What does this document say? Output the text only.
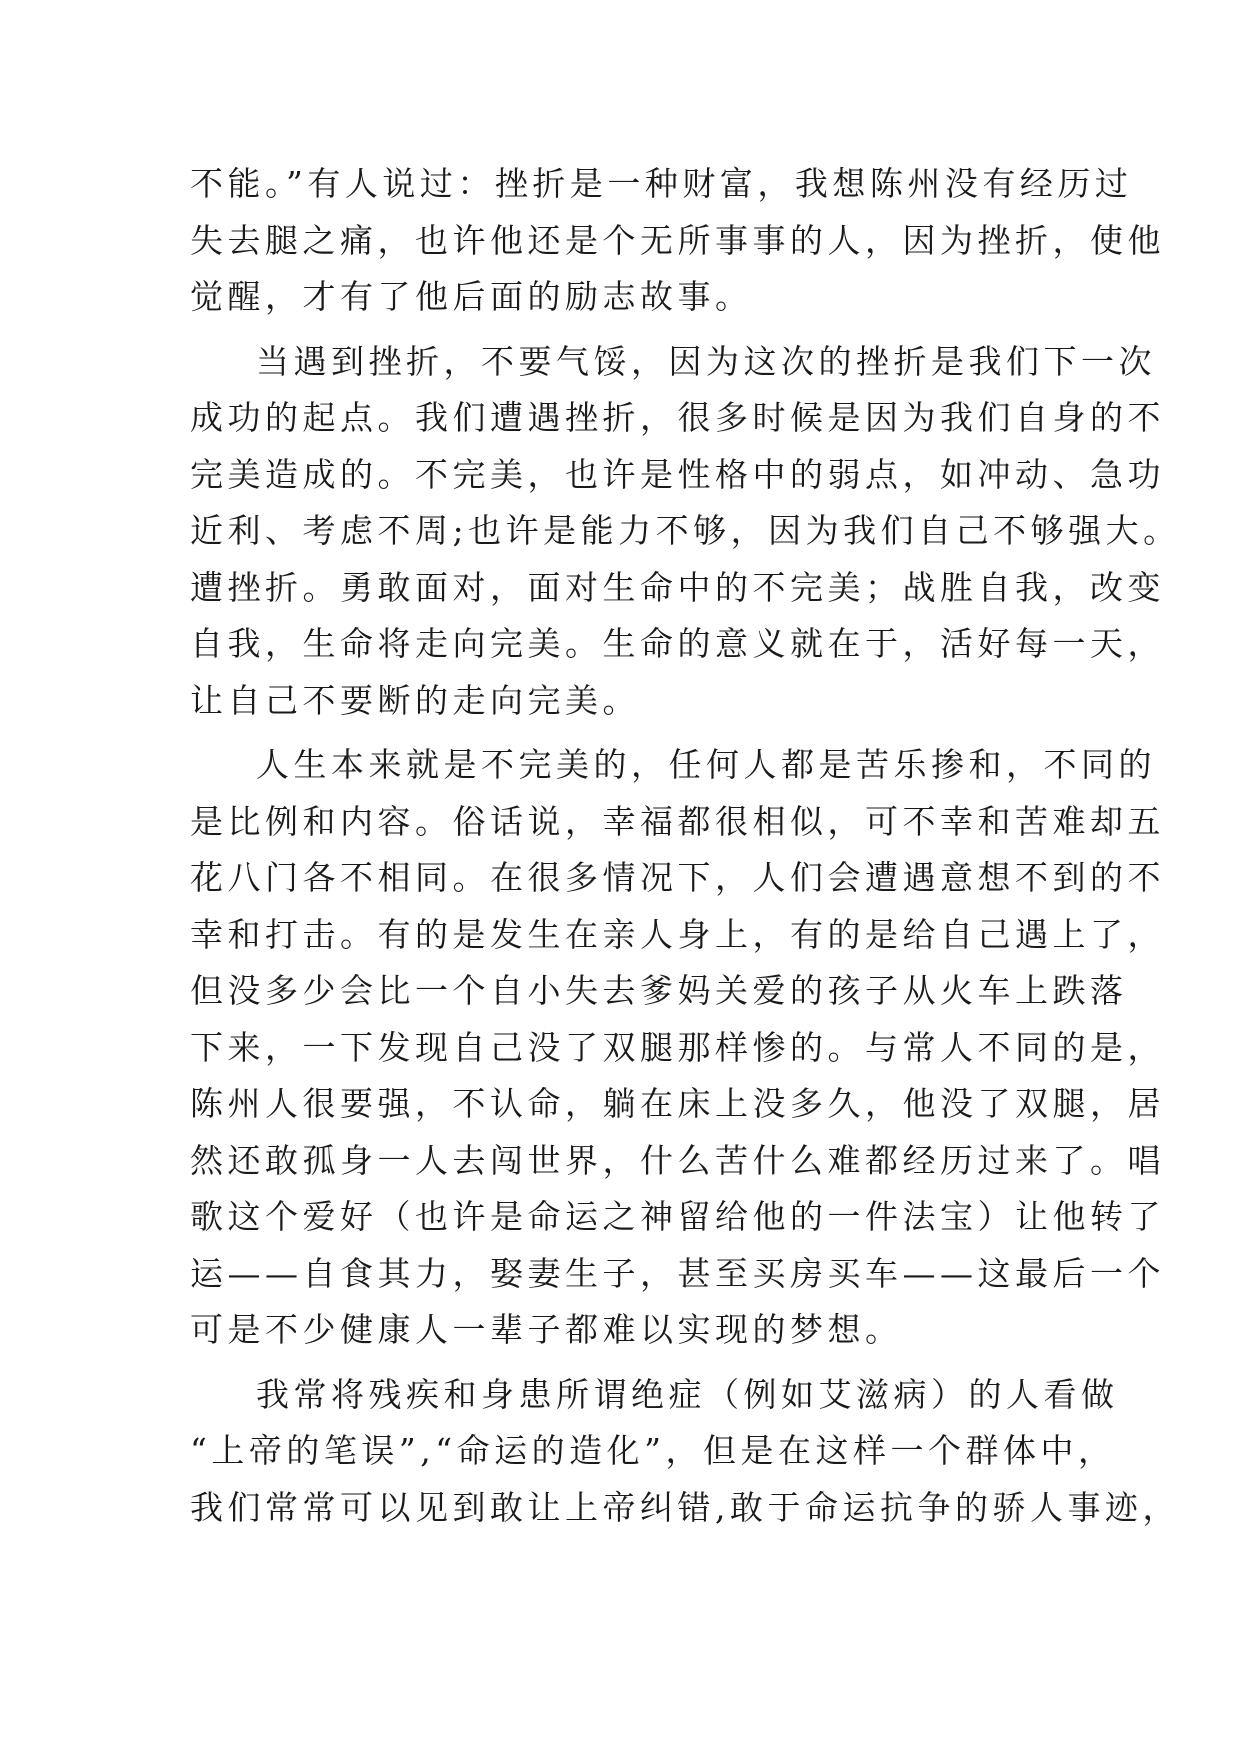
不能。”有人说过：挫折是一种财富，我想陈州没有经历过
失去腿之痛，也许他还是个无所事事的人，因为挫折，使他
觉醒，才有了他后面的励志故事。
当遇到挫折，不要气馁，因为这次的挫折是我们下一次
成功的起点。我们遭遇挫折，很多时候是因为我们自身的不
完美造成的。不完美，也许是性格中的弱点，如冲动、急功
近利、考虑不周;也许是能力不够，因为我们自己不够强大。
遭挫折。勇敢面对，面对生命中的不完美；战胜自我，改变
自我，生命将走向完美。生命的意义就在于，活好每一天，
让自己不要断的走向完美。
人生本来就是不完美的，任何人都是苦乐掺和，不同的
是比例和内容。俗话说，幸福都很相似，可不幸和苦难却五
花八门各不相同。在很多情况下，人们会遭遇意想不到的不
幸和打击。有的是发生在亲人身上，有的是给自己遇上了，
但没多少会比一个自小失去爹妈关爱的孩子从火车上跌落
下来，一下发现自己没了双腿那样惨的。与常人不同的是，
陈州人很要强，不认命，躺在床上没多久，他没了双腿，居
然还敢孤身一人去闯世界，什么苦什么难都经历过来了。唱
歌这个爱好（也许是命运之神留给他的一件法宝）让他转了
运——自食其力，娶妻生子，甚至买房买车——这最后一个
可是不少健康人一辈子都难以实现的梦想。
我常将残疾和身患所谓绝症（例如艾滋病）的人看做
“上帝的笔误”,“命运的造化”，但是在这样一个群体中，
我们常常可以见到敢让上帝纠错,敢于命运抗争的骄人事迹，
